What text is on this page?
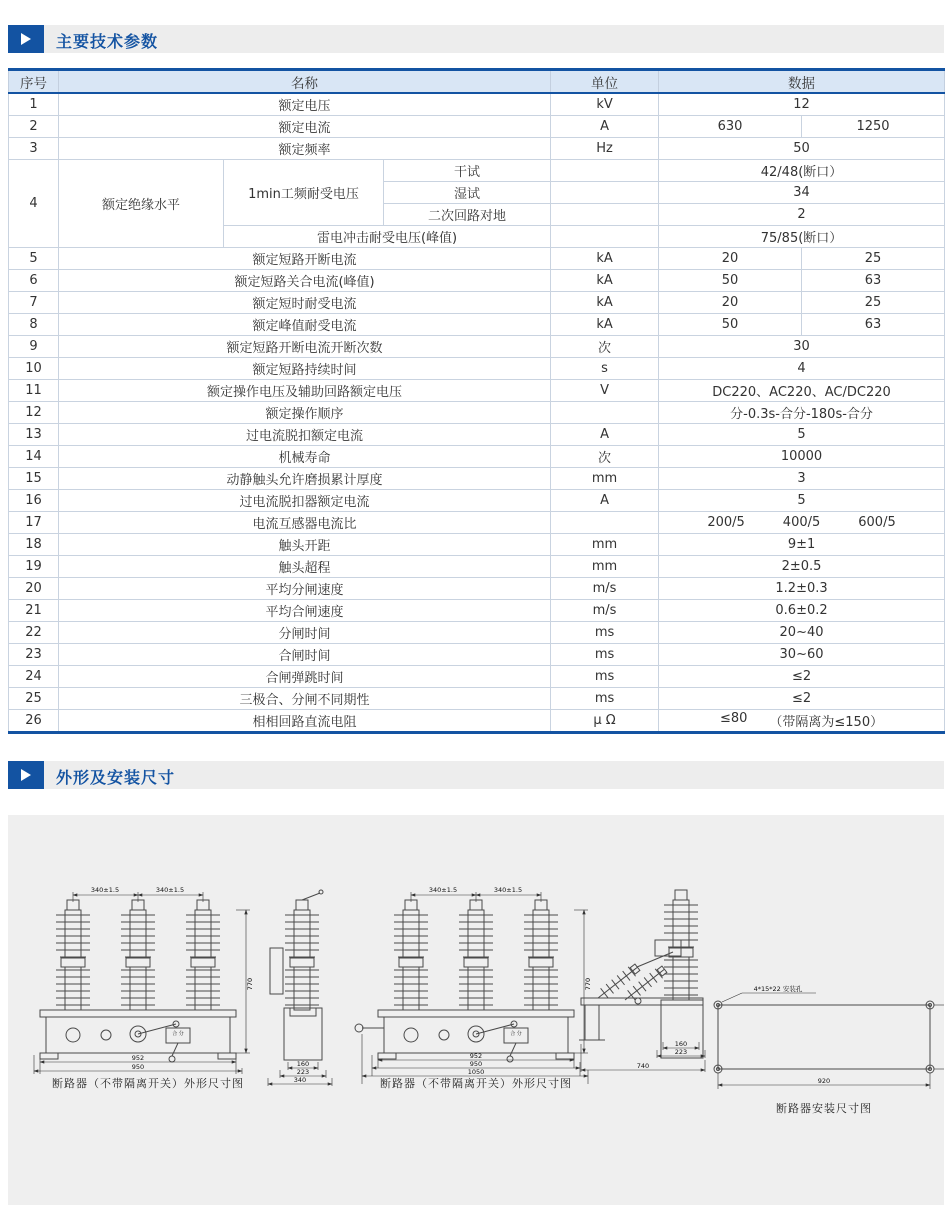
主要技术参数
序号	名称			单位	数据	
1	额定电压			kV	12	
2	额定电流			A	630	1250
3	额定频率			Hz	50	
4	额定绝缘水平	1min工频耐受电压	干试		42/48(断口）	
			湿试		34	
			二次回路对地		2	
		雷电冲击耐受电压(峰值)			75/85(断口）	
5	额定短路开断电流			kA	20	25
6	额定短路关合电流(峰值)			kA	50	63
7	额定短时耐受电流			kA	20	25
8	额定峰值耐受电流			kA	50	63
9	额定短路开断电流开断次数			次	30	
10	额定短路持续时间			s	4	
11	额定操作电压及辅助回路额定电压			V	DC220、AC220、AC/DC220	
12	额定操作顺序				分-0.3s-合分-180s-合分	
13	过电流脱扣额定电流			A	5	
14	机械寿命			次	10000	
15	动静触头允许磨损累计厚度			mm	3	
16	过电流脱扣器额定电流			A	5	
17	电流互感器电流比				200/5 400/5 600/5	

18	触头开距			mm	9±1	
19	触头超程			mm	2±0.5	
20	平均分闸速度			m/s	1.2±0.3	
21	平均合闸速度			m/s	0.6±0.2	
22	分闸时间			ms	20~40	
23	合闸时间			ms	30~60	
24	合闸弹跳时间			ms	≤2	
25	三极合、分闸不同期性			ms	≤2	
26	相相回路直流电阻			μ Ω	≤80 （带隔离为≤150）	
外形及安装尺寸
合 分
340±1.5	340±1.5
770
952
950	160
223
340
合 分
340±1.5	340±1.5
770
952
950
1050
160
223
740
4*15*22 安装孔
920
断路器（不带隔离开关）外形尺寸图	断路器（不带隔离开关）外形尺寸图
断路器安装尺寸图
